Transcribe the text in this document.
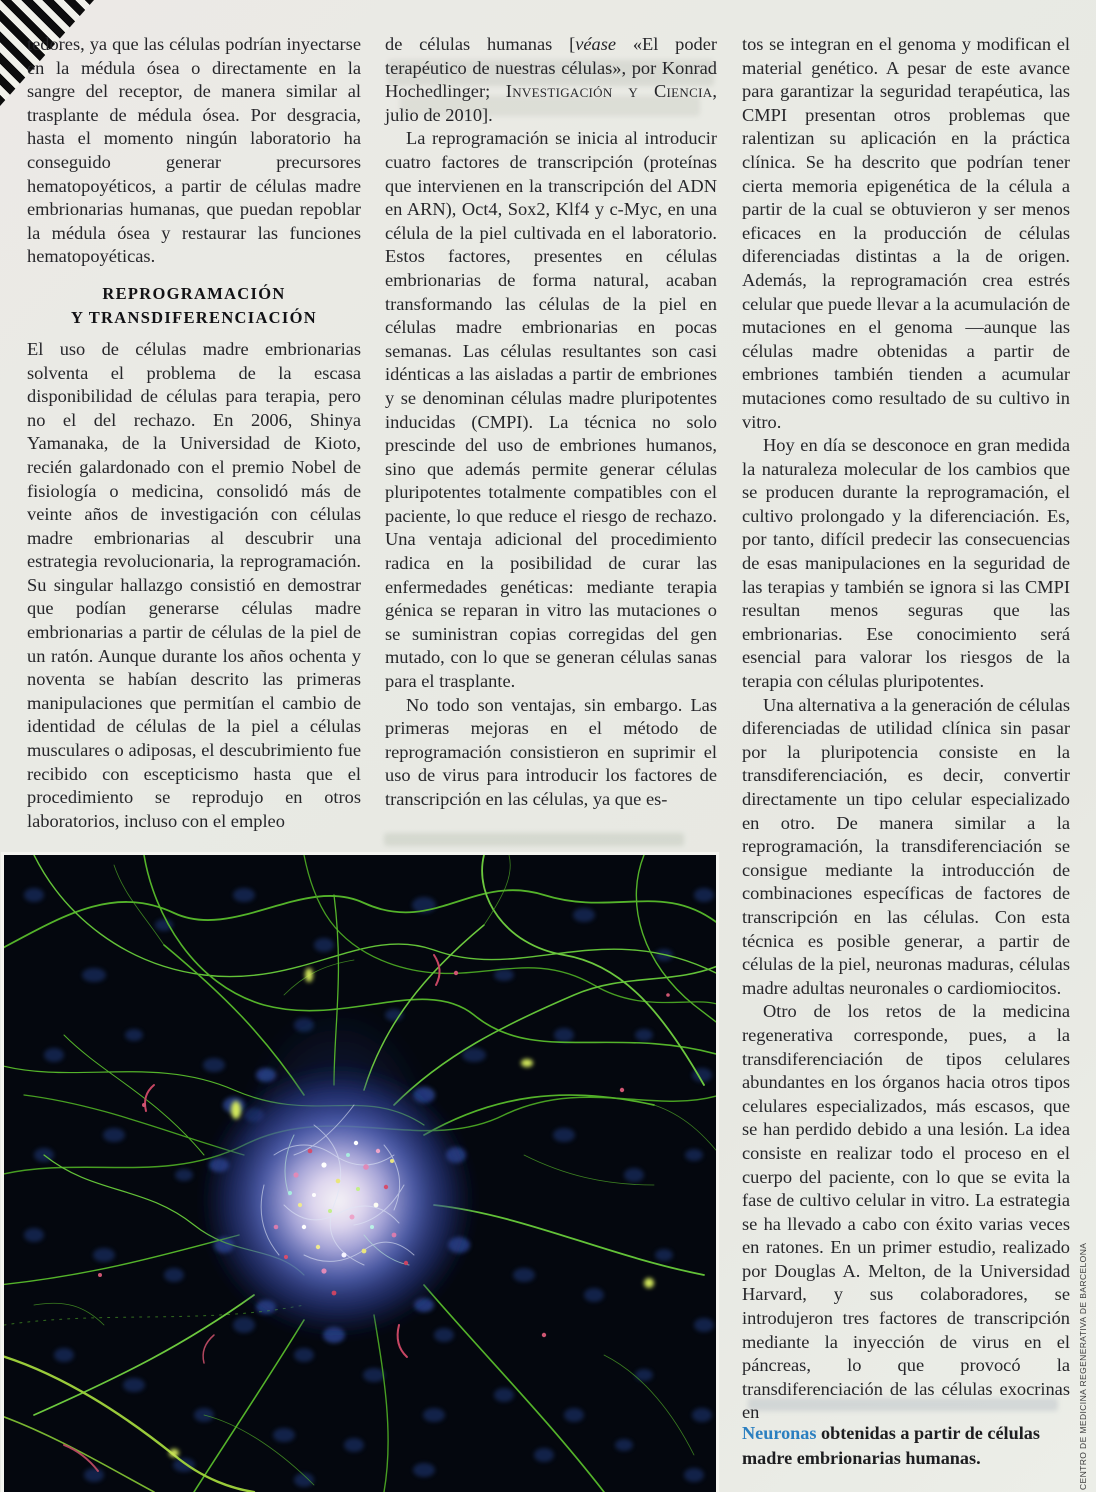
tedores, ya que las células podrían inyectarse en la médula ósea o directamente en la sangre del receptor, de manera similar al trasplante de médula ósea. Por desgracia, hasta el momento ningún laboratorio ha conseguido generar precursores hematopoyéticos, a partir de células madre embrionarias humanas, que puedan repoblar la médula ósea y restaurar las funciones hematopoyéticas.

REPROGRAMACIÓN
Y TRANSDIFERENCIACIÓN

El uso de células madre embrionarias solventa el problema de la escasa disponibilidad de células para terapia, pero no el del rechazo. En 2006, Shinya Yamanaka, de la Universidad de Kioto, recién galardonado con el premio Nobel de fisiología o medicina, consolidó más de veinte años de investigación con células madre embrionarias al descubrir una estrategia revolucionaria, la reprogramación. Su singular hallazgo consistió en demostrar que podían generarse células madre embrionarias a partir de células de la piel de un ratón. Aunque durante los años ochenta y noventa se habían descrito las primeras manipulaciones que permitían el cambio de identidad de células de la piel a células musculares o adiposas, el descubrimiento fue recibido con escepticismo hasta que el procedimiento se reprodujo en otros laboratorios, incluso con el empleo

de células humanas [véase «El poder terapéutico de nuestras células», por Konrad Hochedlinger; Investigación y Ciencia, julio de 2010].

La reprogramación se inicia al introducir cuatro factores de transcripción (proteínas que intervienen en la transcripción del ADN en ARN), Oct4, Sox2, Klf4 y c-Myc, en una célula de la piel cultivada en el laboratorio. Estos factores, presentes en células embrionarias de forma natural, acaban transformando las células de la piel en células madre embrionarias en pocas semanas. Las células resultantes son casi idénticas a las aisladas a partir de embriones y se denominan células madre pluripotentes inducidas (CMPI). La técnica no solo prescinde del uso de embriones humanos, sino que además permite generar células pluripotentes totalmente compatibles con el paciente, lo que reduce el riesgo de rechazo. Una ventaja adicional del procedimiento radica en la posibilidad de curar las enfermedades genéticas: mediante terapia génica se reparan in vitro las mutaciones o se suministran copias corregidas del gen mutado, con lo que se generan células sanas para el trasplante.

No todo son ventajas, sin embargo. Las primeras mejoras en el método de reprogramación consistieron en suprimir el uso de virus para introducir los factores de transcripción en las células, ya que es-

tos se integran en el genoma y modifican el material genético. A pesar de este avance para garantizar la seguridad terapéutica, las CMPI presentan otros problemas que ralentizan su aplicación en la práctica clínica. Se ha descrito que podrían tener cierta memoria epigenética de la célula a partir de la cual se obtuvieron y ser menos eficaces en la producción de células diferenciadas distintas a la de origen. Además, la reprogramación crea estrés celular que puede llevar a la acumulación de mutaciones en el genoma —aunque las células madre obtenidas a partir de embriones también tienden a acumular mutaciones como resultado de su cultivo in vitro.

Hoy en día se desconoce en gran medida la naturaleza molecular de los cambios que se producen durante la reprogramación, el cultivo prolongado y la diferenciación. Es, por tanto, difícil predecir las consecuencias de esas manipulaciones en la seguridad de las terapias y también se ignora si las CMPI resultan menos seguras que las embrionarias. Ese conocimiento será esencial para valorar los riesgos de la terapia con células pluripotentes.

Una alternativa a la generación de células diferenciadas de utilidad clínica sin pasar por la pluripotencia consiste en la transdiferenciación, es decir, convertir directamente un tipo celular especializado en otro. De manera similar a la reprogramación, la transdiferenciación se consigue mediante la introducción de combinaciones específicas de factores de transcripción en las células. Con esta técnica es posible generar, a partir de células de la piel, neuronas maduras, células madre adultas neuronales o cardiomiocitos.

Otro de los retos de la medicina regenerativa corresponde, pues, a la transdiferenciación de tipos celulares abundantes en los órganos hacia otros tipos celulares especializados, más escasos, que se han perdido debido a una lesión. La idea consiste en realizar todo el proceso en el cuerpo del paciente, con lo que se evita la fase de cultivo celular in vitro. La estrategia se ha llevado a cabo con éxito varias veces en ratones. En un primer estudio, realizado por Douglas A. Melton, de la Universidad Harvard, y sus colaboradores, se introdujeron tres factores de transcripción mediante la inyección de virus en el páncreas, lo que provocó la transdiferenciación de las células exocrinas en

Neuronas obtenidas a partir de células madre embrionarias humanas.	CENTRO DE MEDICINA REGENERATIVA DE BARCELONA
